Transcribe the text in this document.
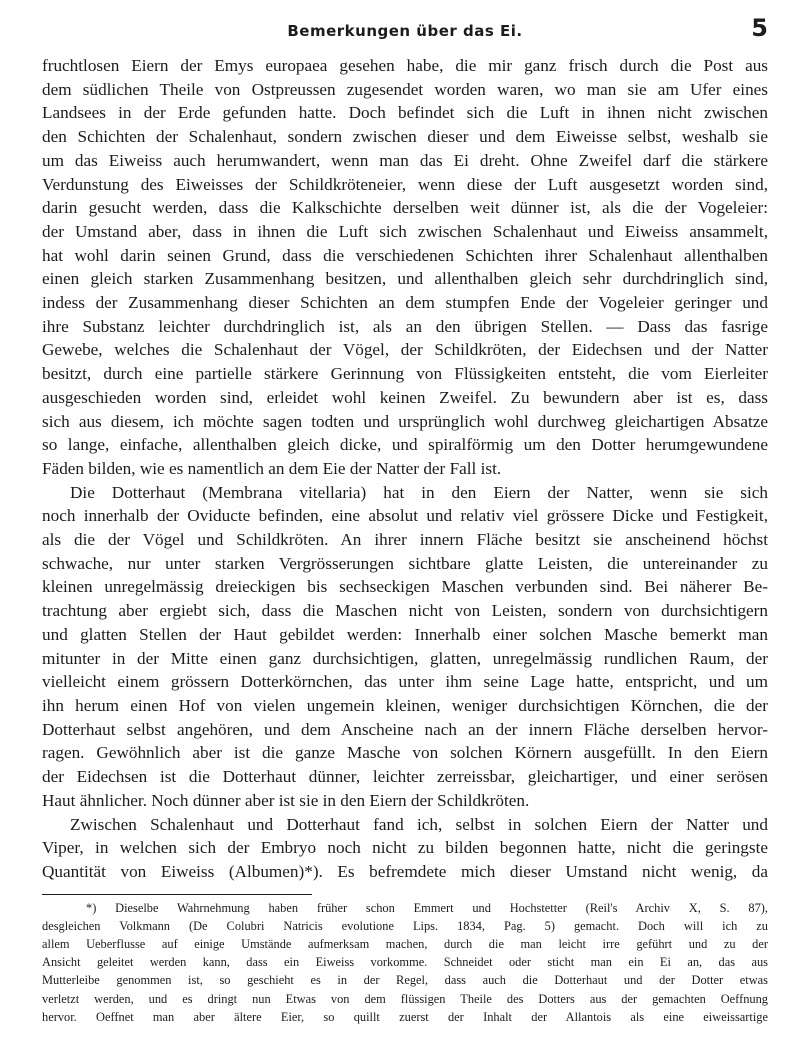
Bemerkungen über das Ei.	5
fruchtlosen Eiern der Emys europaea gesehen habe, die mir ganz frisch durch die Post aus
dem südlichen Theile von Ostpreussen zugesendet worden waren, wo man sie am Ufer eines
Landsees in der Erde gefunden hatte. Doch befindet sich die Luft in ihnen nicht zwischen
den Schichten der Schalenhaut, sondern zwischen dieser und dem Eiweisse selbst, weshalb sie
um das Eiweiss auch herumwandert, wenn man das Ei dreht. Ohne Zweifel darf die stärkere
Verdunstung des Eiweisses der Schildkröteneier, wenn diese der Luft ausgesetzt worden sind,
darin gesucht werden, dass die Kalkschichte derselben weit dünner ist, als die der Vogeleier:
der Umstand aber, dass in ihnen die Luft sich zwischen Schalenhaut und Eiweiss ansammelt,
hat wohl darin seinen Grund, dass die verschiedenen Schichten ihrer Schalenhaut allenthalben
einen gleich starken Zusammenhang besitzen, und allenthalben gleich sehr durchdringlich sind,
indess der Zusammenhang dieser Schichten an dem stumpfen Ende der Vogeleier geringer und
ihre Substanz leichter durchdringlich ist, als an den übrigen Stellen. — Dass das fasrige
Gewebe, welches die Schalenhaut der Vögel, der Schildkröten, der Eidechsen und der Natter
besitzt, durch eine partielle stärkere Gerinnung von Flüssigkeiten entsteht, die vom Eierleiter
ausgeschieden worden sind, erleidet wohl keinen Zweifel. Zu bewundern aber ist es, dass
sich aus diesem, ich möchte sagen todten und ursprünglich wohl durchweg gleichartigen Absatze
so lange, einfache, allenthalben gleich dicke, und spiralförmig um den Dotter herumgewundene
Fäden bilden, wie es namentlich an dem Eie der Natter der Fall ist.
Die Dotterhaut (Membrana vitellaria) hat in den Eiern der Natter, wenn sie sich
noch innerhalb der Oviducte befinden, eine absolut und relativ viel grössere Dicke und Festigkeit,
als die der Vögel und Schildkröten. An ihrer innern Fläche besitzt sie anscheinend höchst
schwache, nur unter starken Vergrösserungen sichtbare glatte Leisten, die untereinander zu
kleinen unregelmässig dreieckigen bis sechseckigen Maschen verbunden sind. Bei näherer Be-
trachtung aber ergiebt sich, dass die Maschen nicht von Leisten, sondern von durchsichtigern
und glatten Stellen der Haut gebildet werden: Innerhalb einer solchen Masche bemerkt man
mitunter in der Mitte einen ganz durchsichtigen, glatten, unregelmässig rundlichen Raum, der
vielleicht einem grössern Dotterkörnchen, das unter ihm seine Lage hatte, entspricht, und um
ihn herum einen Hof von vielen ungemein kleinen, weniger durchsichtigen Körnchen, die der
Dotterhaut selbst angehören, und dem Anscheine nach an der innern Fläche derselben hervor-
ragen. Gewöhnlich aber ist die ganze Masche von solchen Körnern ausgefüllt. In den Eiern
der Eidechsen ist die Dotterhaut dünner, leichter zerreissbar, gleichartiger, und einer serösen
Haut ähnlicher. Noch dünner aber ist sie in den Eiern der Schildkröten.
Zwischen Schalenhaut und Dotterhaut fand ich, selbst in solchen Eiern der Natter und
Viper, in welchen sich der Embryo noch nicht zu bilden begonnen hatte, nicht die geringste
Quantität von Eiweiss (Albumen)*). Es befremdete mich dieser Umstand nicht wenig, da
*) Dieselbe Wahrnehmung haben früher schon Emmert und Hochstetter (Reil's Archiv X, S. 87),
desgleichen Volkmann (De Colubri Natricis evolutione Lips. 1834, Pag. 5) gemacht. Doch will ich zu
allem Ueberflusse auf einige Umstände aufmerksam machen, durch die man leicht irre geführt und zu der
Ansicht geleitet werden kann, dass ein Eiweiss vorkomme. Schneidet oder sticht man ein Ei an, das aus
Mutterleibe genommen ist, so geschieht es in der Regel, dass auch die Dotterhaut und der Dotter etwas
verletzt werden, und es dringt nun Etwas von dem flüssigen Theile des Dotters aus der gemachten Oeffnung
hervor. Oeffnet man aber ältere Eier, so quillt zuerst der Inhalt der Allantois als eine eiweissartige
